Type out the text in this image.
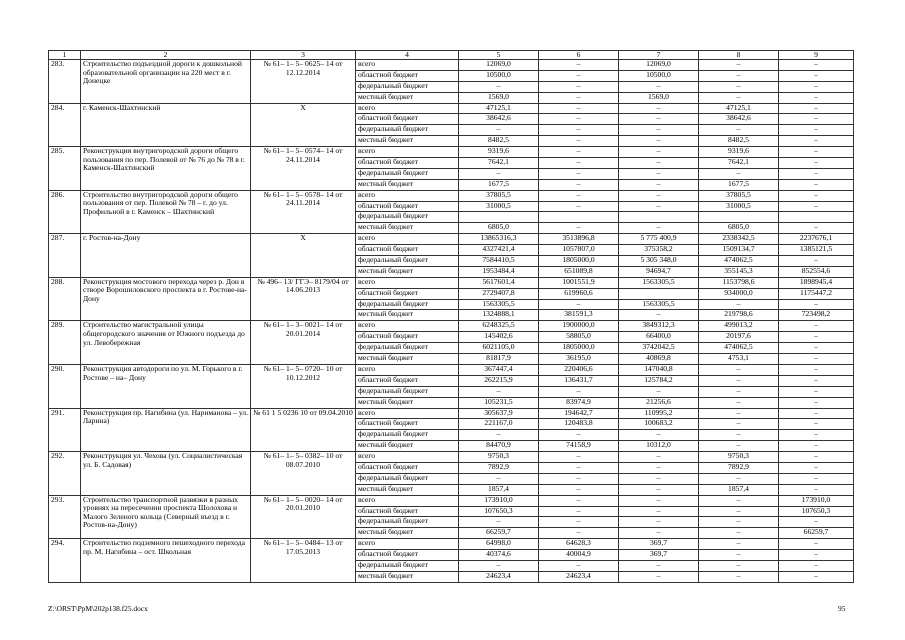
1	2	3	4	5	6	7	8	9
283.	Строительство подъездной дороги к дошкольной образовательной организации на 220 мест в г. Донецке	№ 61– 1– 5– 0625– 14 от 12.12.2014	всего	12069,0	–	12069,0	–	–
			областной бюджет	10500,0	–	10500,0	–	–
			федеральный бюджет	–	–	–	–	–
			местный бюджет	1569,0	–	1569,0	–	–
284.	г. Каменск-Шахтинский	Х	всего	47125,1	–	–	47125,1	–
			областной бюджет	38642,6	–	–	38642,6	–
			федеральный бюджет	–	–	–	–	–
			местный бюджет	8482,5	–	–	8482,5	–
285.	Реконструкция внутригородской дороги общего пользования по пер. Полевой от № 76 до № 78 в г. Каменск-Шахтинский	№ 61– 1– 5– 0574– 14 от 24.11.2014	всего	9319,6	–	–	9319,6	–
			областной бюджет	7642,1	–	–	7642,1	–
			федеральный бюджет	–	–	–	–	–
			местный бюджет	1677,5	–	–	1677,5	–
286.	Строительство внутригородской дороги общего пользования от пер. Полевой № 78 – г. до ул. Профильной в г. Каменск – Шахтинский	№ 61– 1– 5– 0578– 14 от 24.11.2014	всего	37805,5	–	–	37805,5	–
			областной бюджет	31000,5	–	–	31000,5	–
			федеральный бюджет					
			местный бюджет	6805,0	–	–	6805,0	–
287.	г. Ростов-на-Дону	Х	всего	13865316,3	3513896,8	5 775 400,9	2338342,5	2237676,1
			областной бюджет	4327421,4	1057807,0	375358,2	1509134,7	1385121,5
			федеральный бюджет	7584410,5	1805000,0	5 305 348,0	474062,5	–
			местный бюджет	1953484,4	651089,8	94694,7	355145,3	852554,6
288.	Реконструкция мостового перехода через р. Дон в створе Ворошиловского проспекта в г. Ростове-на-Дону	№ 496– 13/ ГГЭ– 8179/04 от 14.06.2013	всего	5617601,4	1001551,9	1563305,5	1153798,6	1898945,4
			областной бюджет	2729407,8	619960,6		934000,0	1175447,2
			федеральный бюджет	1563305,5	–	1563305,5	–	–
			местный бюджет	1324888,1	381591,3	–	219798,6	723498,2
289.	Строительство магистральной улицы общегородского значения от Южного подъезда до ул. Левобережная	№ 61– 1– 3– 0021– 14 от 20.01.2014	всего	6248325,5	1900000,0	3849312,3	499013,2	–
			областной бюджет	145402,6	58805,0	66400,0	20197,6	–
			федеральный бюджет	6021105,0	1805000,0	3742042,5	474062,5	–
			местный бюджет	81817,9	36195,0	40869,8	4753,1	–
290.	Реконструкция автодороги по ул. М. Горького в г. Ростове – на– Дону	№ 61– 1– 5– 0720– 10 от 10.12.2012	всего	367447,4	220406,6	147040,8	–	–
			областной бюджет	262215,9	136431,7	125784,2	–	–
			федеральный бюджет	–	–	–	–	–
			местный бюджет	105231,5	83974,9	21256,6	–	–
291.	Реконструкция пр. Нагибина (ул. Нариманова – ул. Ларина)	№ 61 1 5 0236 10 от 09.04.2010	всего	305637,9	194642,7	110995,2	–	–
			областной бюджет	221167,0	120483,8	100683,2	–	–
			федеральный бюджет	–	–	–	–	–
			местный бюджет	84470,9	74158,9	10312,0	–	–
292.	Реконструкция ул. Чехова (ул. Социалистическая ул. Б. Садовая)	№ 61– 1– 5– 0382– 10 от 08.07.2010	всего	9750,3	–	–	9750,3	–
			областной бюджет	7892,9	–	–	7892,9	–
			федеральный бюджет	–	–	–	–	–
			местный бюджет	1857,4	–	–	1857,4	–
293.	Строительство транспортной развязки в разных уровнях на пересечении проспекта Шолохова и Малого Зеленого кольца (Северный въезд в г. Ростов-на-Дону)	№ 61– 1– 5– 0020– 14 от 20.01.2010	всего	173910,0	–	–	–	173910,0
			областной бюджет	107650,3	–	–	–	107650,3
			федеральный бюджет	–	–	–	–	–
			местный бюджет	66259,7	–	–	–	66259,7
294.	Строительство подземного пешеходного перехода пр. М. Нагибина – ост. Школьная	№ 61– 1– 5– 0484– 13 от 17.05.2013	всего	64998,0	64628,3	369,7	–	–
			областной бюджет	40374,6	40004,9	369,7	–	–
			федеральный бюджет	–	–	–	–	–
			местный бюджет	24623,4	24623,4	–	–	–
Z:\ORST\PpM\202p138.f25.docx	95
